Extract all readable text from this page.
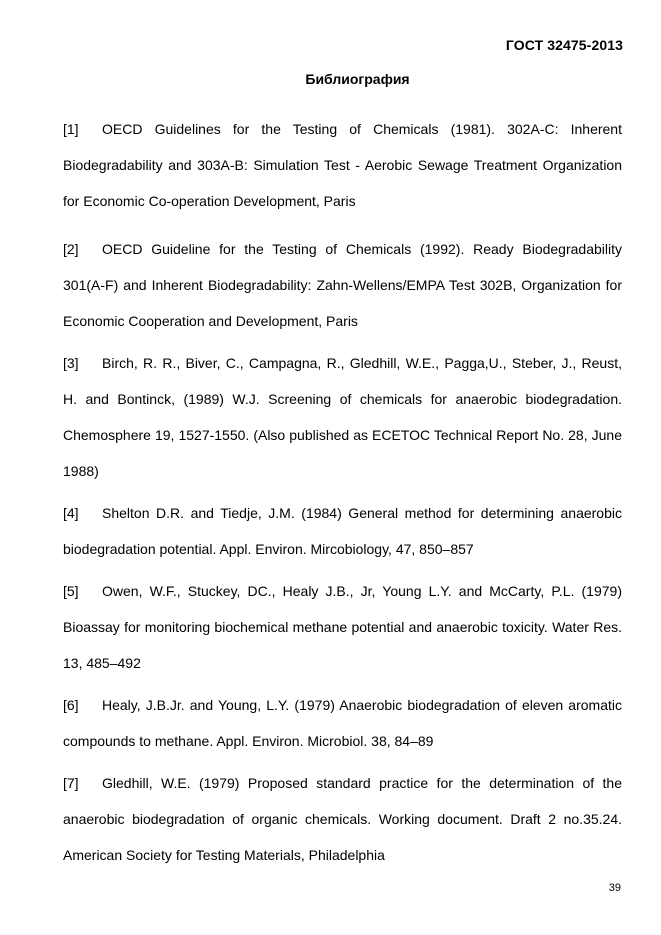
ГОСТ 32475-2013
Библиография

[1] OECD Guidelines for the Testing of Chemicals (1981). 302A-C: Inherent Biodegradability and 303A-B: Simulation Test - Aerobic Sewage Treatment Organization for Economic Co-operation Development, Paris

[2] OECD Guideline for the Testing of Chemicals (1992). Ready Biodegradability 301(A-F) and Inherent Biodegradability: Zahn-Wellens/EMPA Test 302B, Organization for Economic Cooperation and Development, Paris

[3] Birch, R. R., Biver, C., Campagna, R., Gledhill, W.E., Pagga,U., Steber, J., Reust, H. and Bontinck, (1989) W.J. Screening of chemicals for anaerobic biodegradation. Chemosphere 19, 1527-1550. (Also published as ECETOC Technical Report No. 28, June 1988)

[4] Shelton D.R. and Tiedje, J.M. (1984) General method for determining anaerobic biodegradation potential. Appl. Environ. Mircobiology, 47, 850–857

[5] Owen, W.F., Stuckey, DC., Healy J.B., Jr, Young L.Y. and McCarty, P.L. (1979) Bioassay for monitoring biochemical methane potential and anaerobic toxicity. Water Res. 13, 485–492

[6] Healy, J.B.Jr. and Young, L.Y. (1979) Anaerobic biodegradation of eleven aromatic compounds to methane. Appl. Environ. Microbiol. 38, 84–89

[7] Gledhill, W.E. (1979) Proposed standard practice for the determination of the anaerobic biodegradation of organic chemicals. Working document. Draft 2 no.35.24. American Society for Testing Materials, Philadelphia

39
